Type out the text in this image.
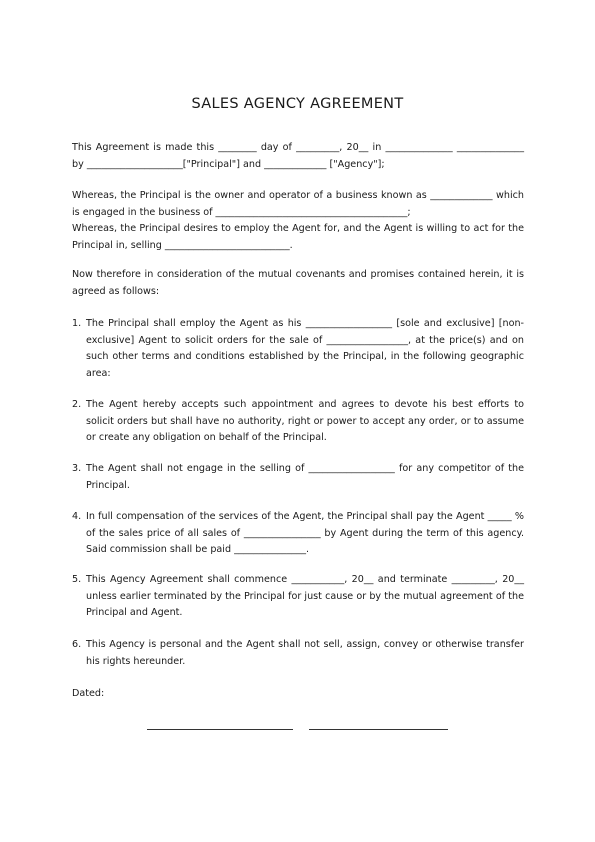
SALES AGENCY AGREEMENT

This Agreement is made this ________ day of _________, 20__ in ______________ ______________ by ____________________["Principal"] and _____________ ["Agency"];

Whereas, the Principal is the owner and operator of a business known as _____________ which is engaged in the business of ________________________________________;

Whereas, the Principal desires to employ the Agent for, and the Agent is willing to act for the Principal in, selling __________________________.

Now therefore in consideration of the mutual covenants and promises contained herein, it is agreed as follows:

1. The Principal shall employ the Agent as his __________________ [sole and exclusive] [non-exclusive] Agent to solicit orders for the sale of _________________, at the price(s) and on such other terms and conditions established by the Principal, in the following geographic area:
2. The Agent hereby accepts such appointment and agrees to devote his best efforts to solicit orders but shall have no authority, right or power to accept any order, or to assume or create any obligation on behalf of the Principal.
3. The Agent shall not engage in the selling of __________________ for any competitor of the Principal.
4. In full compensation of the services of the Agent, the Principal shall pay the Agent _____ % of the sales price of all sales of ________________ by Agent during the term of this agency. Said commission shall be paid _______________.
5. This Agency Agreement shall commence ___________, 20__ and terminate _________, 20__ unless earlier terminated by the Principal for just cause or by the mutual agreement of the Principal and Agent.
6. This Agency is personal and the Agent shall not sell, assign, convey or otherwise transfer his rights hereunder.
Dated:
